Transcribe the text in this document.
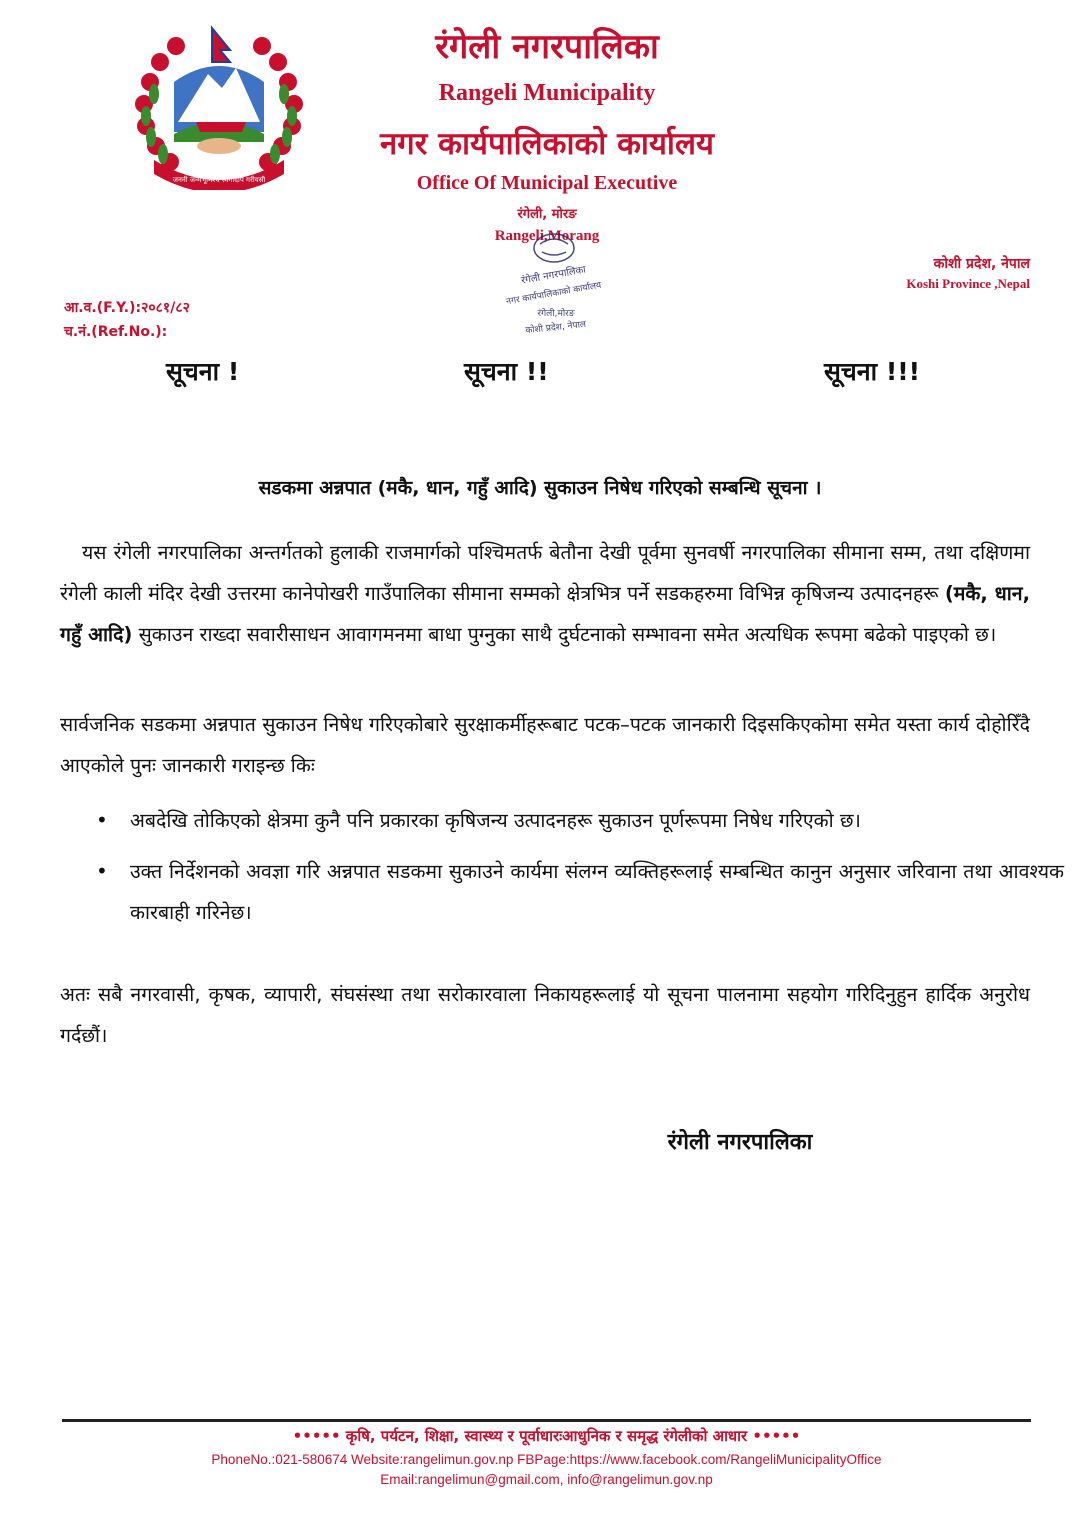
जननी जन्मभूमिश्च स्वर्गादपि गरीयसी
रंगेली नगरपालिका
Rangeli Municipality
नगर कार्यपालिकाको कार्यालय
Office Of Municipal Executive
रंगेली, मोरङ
Rangeli,Morang
रंगेली नगरपालिका
नगर कार्यपालिकाको कार्यालय
रंगेली,मोरङ
कोशी प्रदेश, नेपाल
कोशी प्रदेश, नेपाल
Koshi Province ,Nepal
आ.व.(F.Y.):२०८१/८२
च.नं.(Ref.No.):
सूचना !	सूचना !!	सूचना !!!
सडकमा अन्नपात (मकै, धान, गहुँ आदि) सुकाउन निषेध गरिएको सम्बन्धि सूचना ।
यस रंगेली नगरपालिका अन्तर्गतको हुलाकी राजमार्गको पश्चिमतर्फ बेतौना देखी पूर्वमा सुनवर्षी नगरपालिका सीमाना सम्म, तथा दक्षिणमा रंगेली काली मंदिर देखी उत्तरमा कानेपोखरी गाउँपालिका सीमाना सम्मको क्षेत्रभित्र पर्ने सडकहरुमा विभिन्न कृषिजन्य उत्पादनहरू (मकै, धान, गहुँ आदि) सुकाउन राख्दा सवारीसाधन आवागमनमा बाधा पुग्नुका साथै दुर्घटनाको सम्भावना समेत अत्यधिक रूपमा बढेको पाइएको छ।
सार्वजनिक सडकमा अन्नपात सुकाउन निषेध गरिएकोबारे सुरक्षाकर्मीहरूबाट पटक–पटक जानकारी दिइसकिएकोमा समेत यस्ता कार्य दोहोरिँदै आएकोले पुनः जानकारी गराइन्छ किः
• अबदेखि तोकिएको क्षेत्रमा कुनै पनि प्रकारका कृषिजन्य उत्पादनहरू सुकाउन पूर्णरूपमा निषेध गरिएको छ।
• उक्त निर्देशनको अवज्ञा गरि अन्नपात सडकमा सुकाउने कार्यमा संलग्न व्यक्तिहरूलाई सम्बन्धित कानुन अनुसार जरिवाना तथा आवश्यक कारबाही गरिनेछ।
अतः सबै नगरवासी, कृषक, व्यापारी, संघसंस्था तथा सरोकारवाला निकायहरूलाई यो सूचना पालनामा सहयोग गरिदिनुहुन हार्दिक अनुरोध गर्दछौं।
रंगेली नगरपालिका
••••• कृषि, पर्यटन, शिक्षा, स्वास्थ्य र पूर्वाधारःआधुनिक र समृद्ध रंगेलीको आधार •••••
PhoneNo.:021-580674 Website:rangelimun.gov.np FBPage:https://www.facebook.com/RangeliMunicipalityOffice
Email:rangelimun@gmail.com, info@rangelimun.gov.np
